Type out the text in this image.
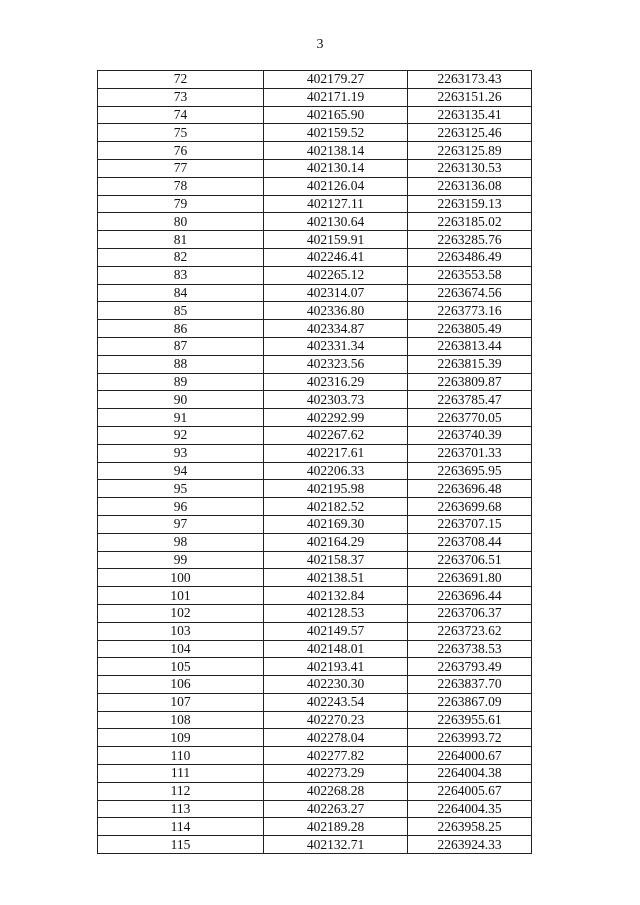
3
72	402179.27	2263173.43
73	402171.19	2263151.26
74	402165.90	2263135.41
75	402159.52	2263125.46
76	402138.14	2263125.89
77	402130.14	2263130.53
78	402126.04	2263136.08
79	402127.11	2263159.13
80	402130.64	2263185.02
81	402159.91	2263285.76
82	402246.41	2263486.49
83	402265.12	2263553.58
84	402314.07	2263674.56
85	402336.80	2263773.16
86	402334.87	2263805.49
87	402331.34	2263813.44
88	402323.56	2263815.39
89	402316.29	2263809.87
90	402303.73	2263785.47
91	402292.99	2263770.05
92	402267.62	2263740.39
93	402217.61	2263701.33
94	402206.33	2263695.95
95	402195.98	2263696.48
96	402182.52	2263699.68
97	402169.30	2263707.15
98	402164.29	2263708.44
99	402158.37	2263706.51
100	402138.51	2263691.80
101	402132.84	2263696.44
102	402128.53	2263706.37
103	402149.57	2263723.62
104	402148.01	2263738.53
105	402193.41	2263793.49
106	402230.30	2263837.70
107	402243.54	2263867.09
108	402270.23	2263955.61
109	402278.04	2263993.72
110	402277.82	2264000.67
111	402273.29	2264004.38
112	402268.28	2264005.67
113	402263.27	2264004.35
114	402189.28	2263958.25
115	402132.71	2263924.33
